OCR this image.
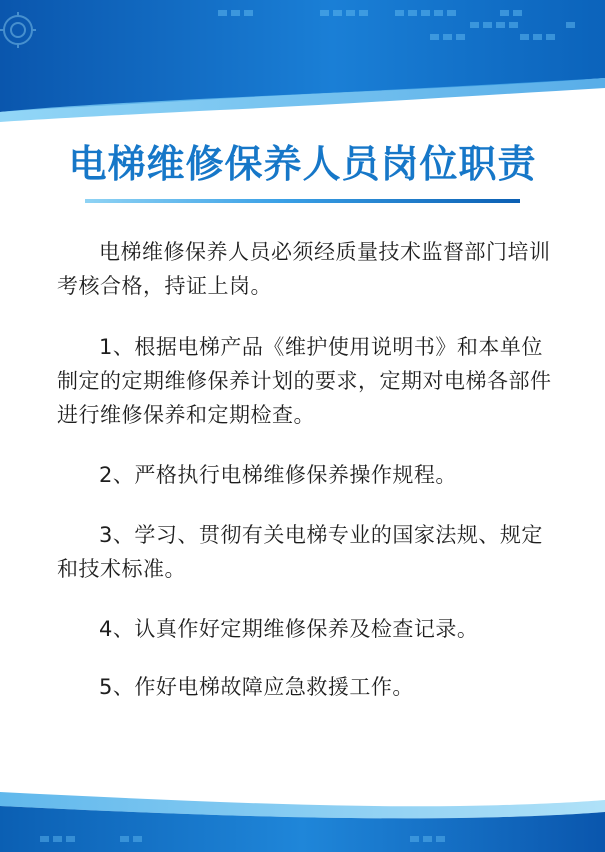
电梯维修保养人员岗位职责

电梯维修保养人员必须经质量技术监督部门培训考核合格，持证上岗。

1、根据电梯产品《维护使用说明书》和本单位制定的定期维修保养计划的要求，定期对电梯各部件进行维修保养和定期检查。

2、严格执行电梯维修保养操作规程。

3、学习、贯彻有关电梯专业的国家法规、规定和技术标准。

4、认真作好定期维修保养及检查记录。

5、作好电梯故障应急救援工作。
